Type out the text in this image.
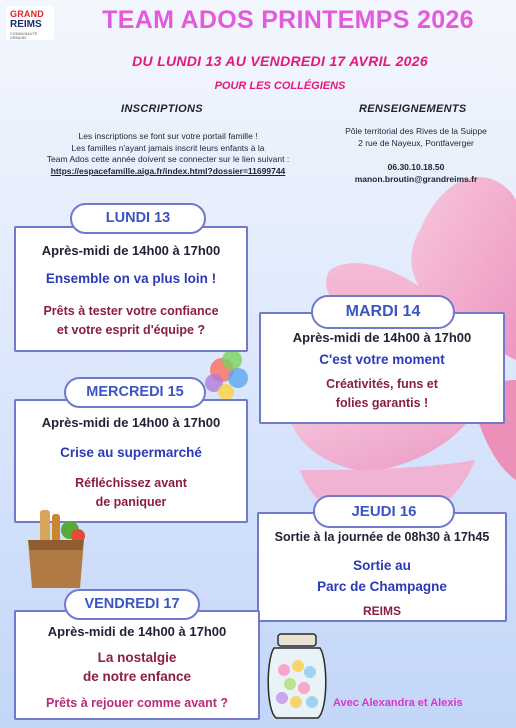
GRAND
REIMS
COMMUNAUTÉ URBAINE
TEAM ADOS PRINTEMPS 2026
DU LUNDI 13 AU VENDREDI 17 AVRIL 2026
POUR LES COLLÉGIENS
INSCRIPTIONS
Les inscriptions se font sur votre portail famille !
Les familles n'ayant jamais inscrit leurs enfants à la
Team Ados cette année doivent se connecter sur le lien suivant :
https://espacefamille.aiga.fr/index.html?dossier=11699744
RENSEIGNEMENTS
Pôle territorial des Rives de la Suippe
2 rue de Nayeux, Pontfaverger
06.30.10.18.50
manon.broutin@grandreims.fr
Après-midi de 14h00 à 17h00
Ensemble on va plus loin !
Prêts à tester votre confiance
et votre esprit d'équipe ?
LUNDI 13
Après-midi de 14h00 à 17h00
C'est votre moment
Créativités, funs et
folies garantis !
MARDI 14
Après-midi de 14h00 à 17h00
Crise au supermarché
Réfléchissez avant
de paniquer
MERCREDI 15
Sortie à la journée de 08h30 à 17h45
Sortie au
Parc de Champagne
REIMS
JEUDI 16
Après-midi de 14h00 à 17h00
La nostalgie
de notre enfance
Prêts à rejouer comme avant ?
VENDREDI 17
Avec Alexandra et Alexis
